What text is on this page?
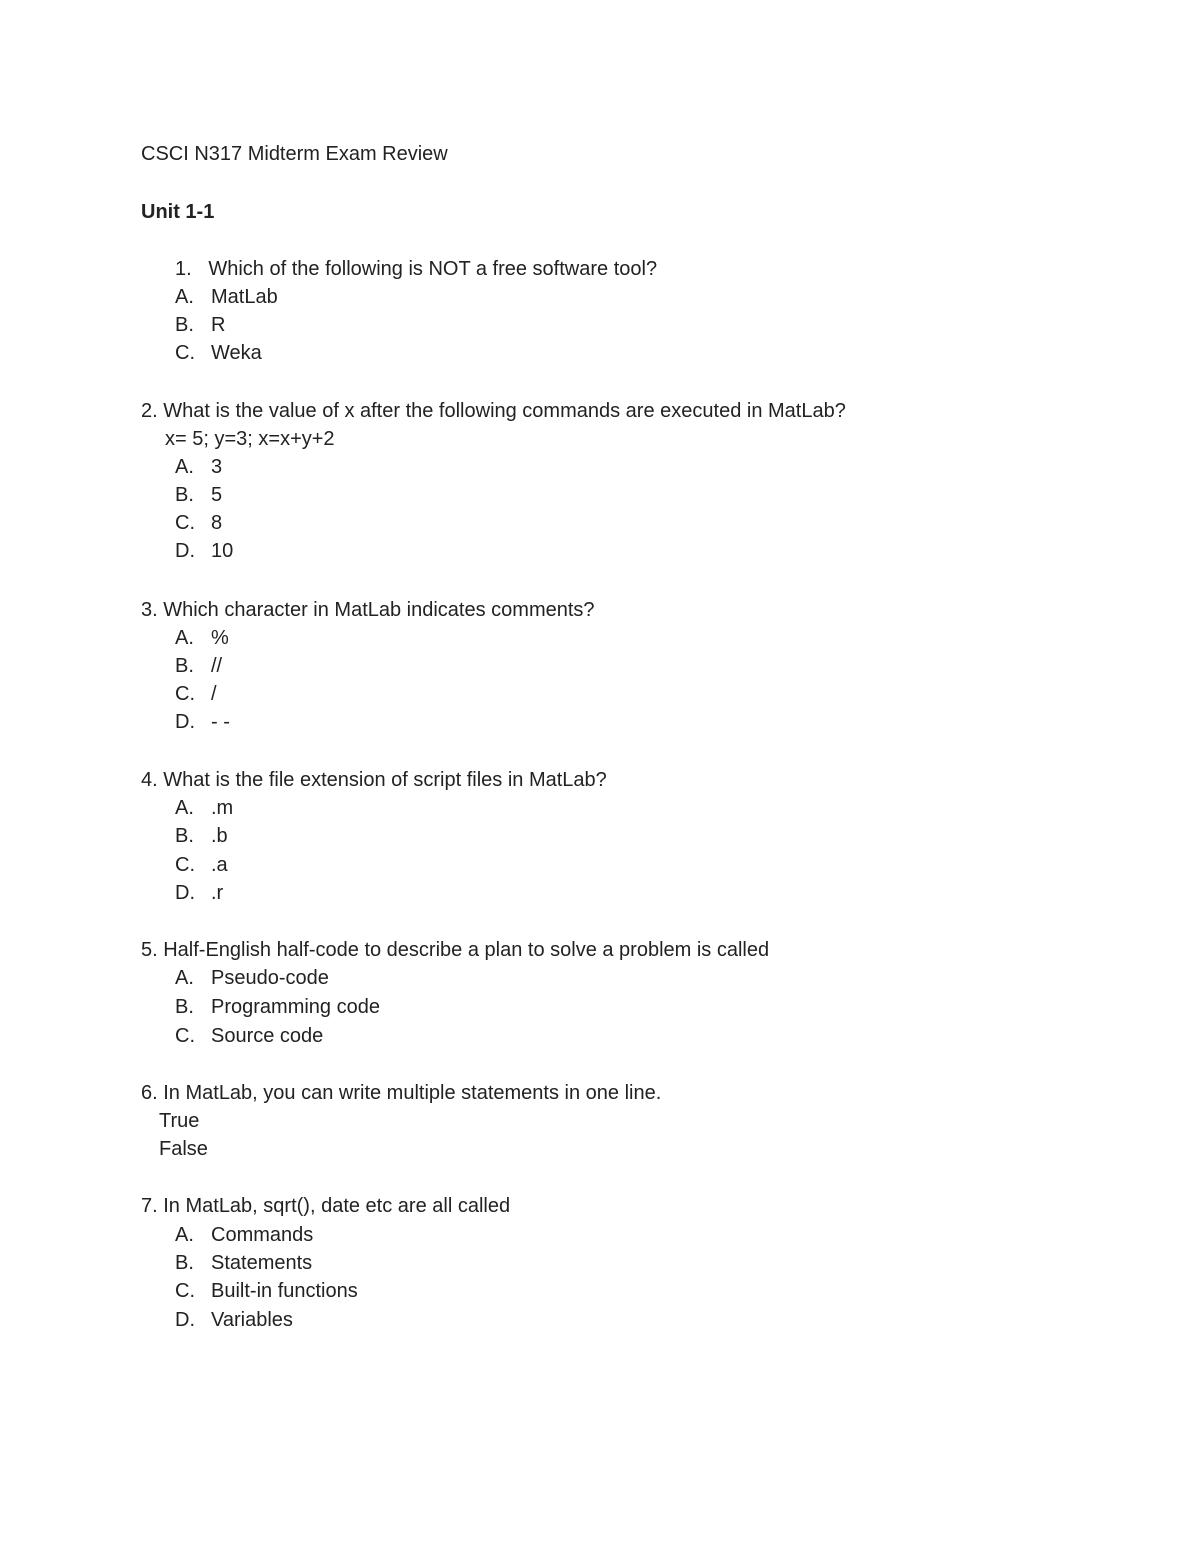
CSCI N317 Midterm Exam Review
Unit 1-1
1.   Which of the following is NOT a free software tool?
A. MatLab
B. R
C. Weka
2. What is the value of x after the following commands are executed in MatLab?
x= 5; y=3; x=x+y+2
A. 3
B. 5
C. 8
D. 10
3. Which character in MatLab indicates comments?
A. %
B. //
C. /
D. - -
4. What is the file extension of script files in MatLab?
A. .m
B. .b
C. .a
D. .r
5. Half-English half-code to describe a plan to solve a problem is called
A. Pseudo-code
B. Programming code
C. Source code
6. In MatLab, you can write multiple statements in one line.
True
False
7. In MatLab, sqrt(), date etc are all called
A. Commands
B. Statements
C. Built-in functions
D. Variables
